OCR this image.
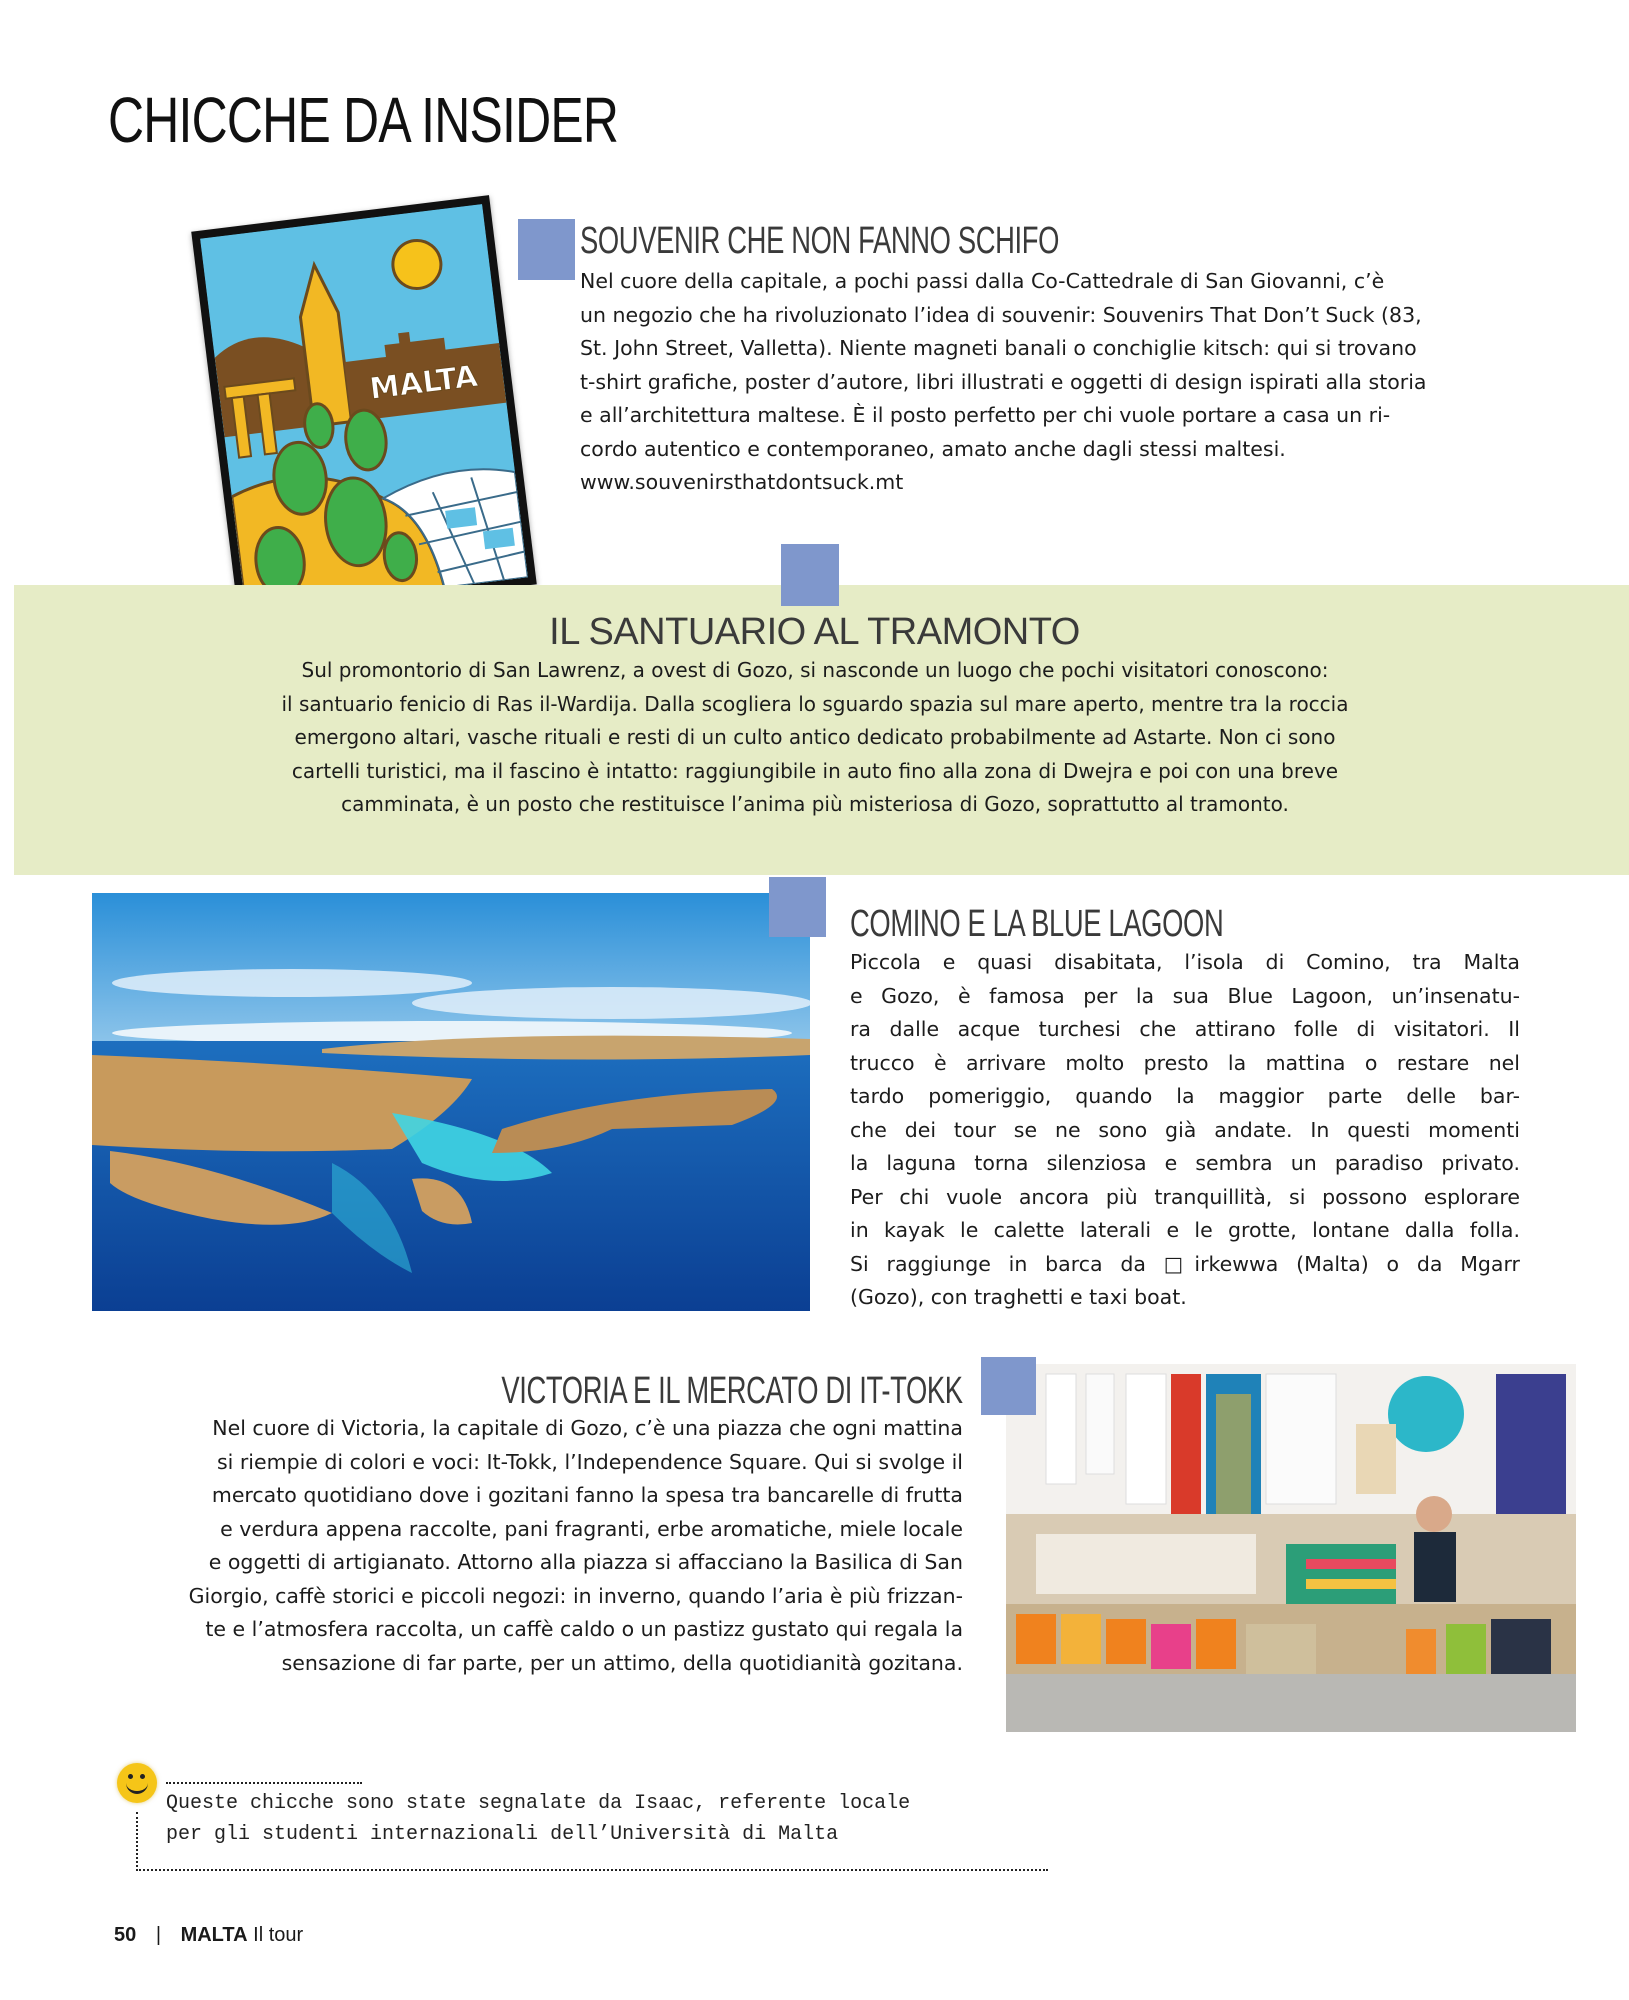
CHICCHE DA INSIDER
MALTA
SOUVENIR CHE NON FANNO SCHIFO
Nel cuore della capitale, a pochi passi dalla Co-Cattedrale di San Giovanni, c’è
un negozio che ha rivoluzionato l’idea di souvenir: Souvenirs That Don’t Suck (83,
St. John Street, Valletta). Niente magneti banali o conchiglie kitsch: qui si trovano
t-shirt grafiche, poster d’autore, libri illustrati e oggetti di design ispirati alla storia
e all’architettura maltese. È il posto perfetto per chi vuole portare a casa un ri-
cordo autentico e contemporaneo, amato anche dagli stessi maltesi.
www.souvenirsthatdontsuck.mt
IL SANTUARIO AL TRAMONTO
Sul promontorio di San Lawrenz, a ovest di Gozo, si nasconde un luogo che pochi visitatori conoscono:
il santuario fenicio di Ras il-Wardija. Dalla scogliera lo sguardo spazia sul mare aperto, mentre tra la roccia
emergono altari, vasche rituali e resti di un culto antico dedicato probabilmente ad Astarte. Non ci sono
cartelli turistici, ma il fascino è intatto: raggiungibile in auto fino alla zona di Dwejra e poi con una breve
camminata, è un posto che restituisce l’anima più misteriosa di Gozo, soprattutto al tramonto.
COMINO E LA BLUE LAGOON
Piccola e quasi disabitata, l’isola di Comino, tra Malta
e Gozo, è famosa per la sua Blue Lagoon, un’insenatu-
ra dalle acque turchesi che attirano folle di visitatori. Il
trucco è arrivare molto presto la mattina o restare nel
tardo pomeriggio, quando la maggior parte delle bar-
che dei tour se ne sono già andate. In questi momenti
la laguna torna silenziosa e sembra un paradiso privato.
Per chi vuole ancora più tranquillità, si possono esplorare
in kayak le calette laterali e le grotte, lontane dalla folla.
Si raggiunge in barca da □irkewwa (Malta) o da Mgarr
(Gozo), con traghetti e taxi boat.
VICTORIA E IL MERCATO DI IT-TOKK
Nel cuore di Victoria, la capitale di Gozo, c’è una piazza che ogni mattina
si riempie di colori e voci: It-Tokk, l’Independence Square. Qui si svolge il
mercato quotidiano dove i gozitani fanno la spesa tra bancarelle di frutta
e verdura appena raccolte, pani fragranti, erbe aromatiche, miele locale
e oggetti di artigianato. Attorno alla piazza si affacciano la Basilica di San
Giorgio, caffè storici e piccoli negozi: in inverno, quando l’aria è più frizzan-
te e l’atmosfera raccolta, un caffè caldo o un pastizz gustato qui regala la
sensazione di far parte, per un attimo, della quotidianità gozitana.
Queste chicche sono state segnalate da Isaac, referente locale
per gli studenti internazionali dell’Università di Malta
50 | MALTA Il tour
